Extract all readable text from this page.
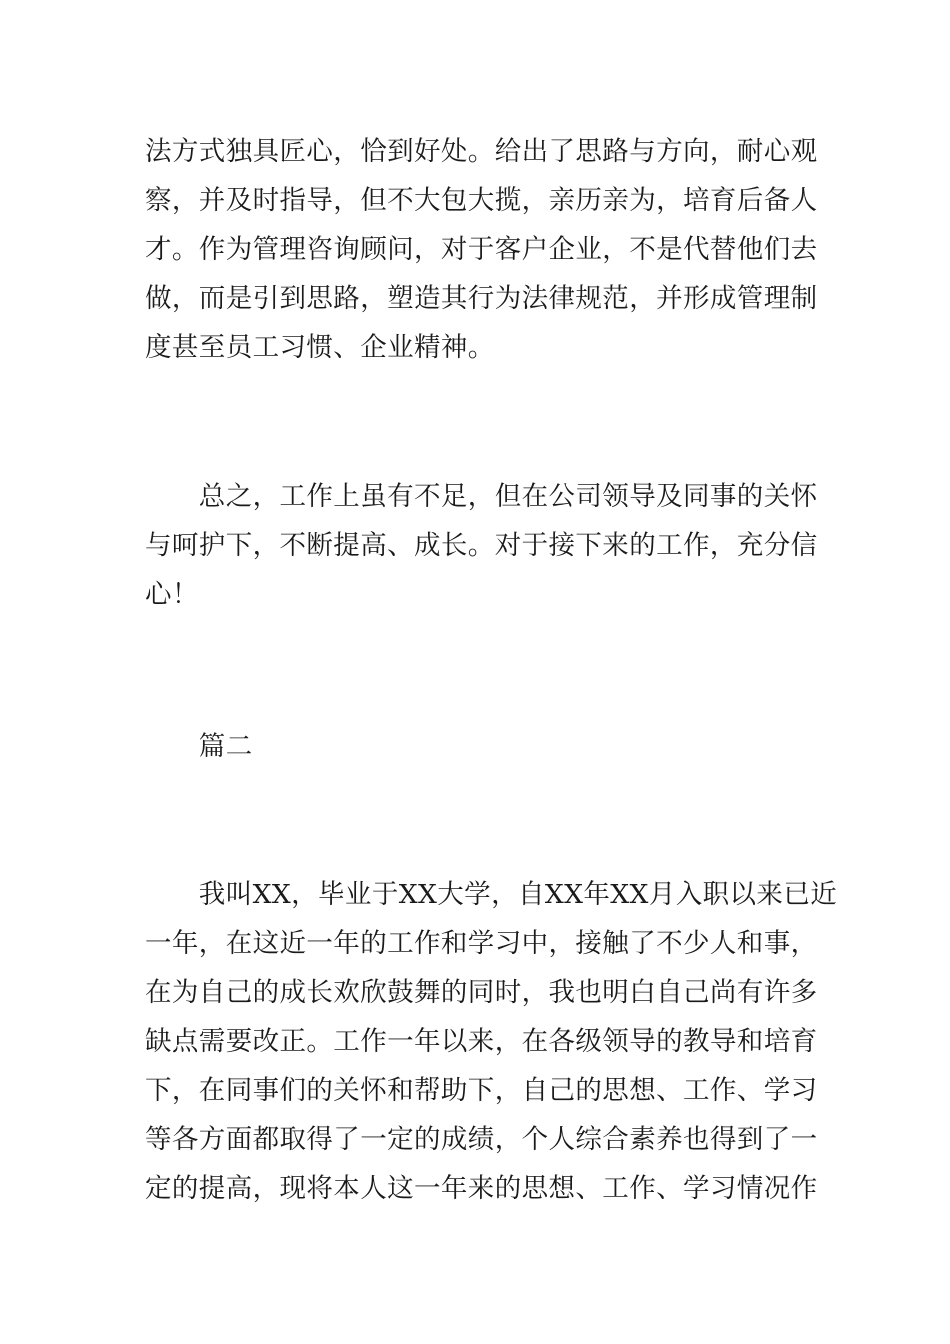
法方式独具匠心，恰到好处。给出了思路与方向，耐心观
察，并及时指导，但不大包大揽，亲历亲为，培育后备人
才。作为管理咨询顾问，对于客户企业，不是代替他们去
做，而是引到思路，塑造其行为法律规范，并形成管理制
度甚至员工习惯、企业精神。
　　总之，工作上虽有不足，但在公司领导及同事的关怀
与呵护下，不断提高、成长。对于接下来的工作，充分信
心！
　　篇二
　　我叫XX，毕业于XX大学，自XX年XX月入职以来已近
一年，在这近一年的工作和学习中，接触了不少人和事，
在为自己的成长欢欣鼓舞的同时，我也明白自己尚有许多
缺点需要改正。工作一年以来，在各级领导的教导和培育
下，在同事们的关怀和帮助下，自己的思想、工作、学习
等各方面都取得了一定的成绩，个人综合素养也得到了一
定的提高，现将本人这一年来的思想、工作、学习情况作
